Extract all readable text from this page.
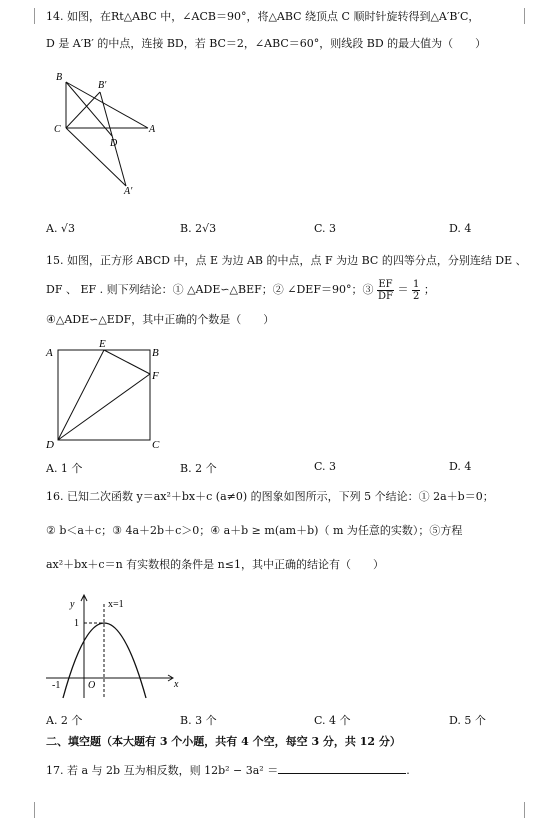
14. 如图，在Rt△ABC 中，∠ACB＝90°，将△ABC 绕顶点 C 顺时针旋转得到△A′B′C，
D 是 A′B′ 的中点，连接 BD，若 BC＝2，∠ABC＝60°，则线段 BD 的最大值为（　　）
B
B′
C
D
A
A′
A. √3	B. 2√3	C. 3	D. 4
15. 如图，正方形 ABCD 中，点 E 为边 AB 的中点，点 F 为边 BC 的四等分点，分别连结 DE 、
DF 、 EF . 则下列结论：① △ADE∽△BEF；② ∠DEF＝90°；③ $\frac{EF}{DF} = \frac{1}{2}$ ；
④△ADE∽△EDF，其中正确的个数是（　　）
A
E
B
F
D	C
A. 1 个	B. 2 个	C. 3	D. 4
16. 已知二次函数 y＝ax²＋bx＋c (a≠0) 的图象如图所示，下列 5 个结论：① 2a＋b＝0；
② b＜a＋c；③ 4a＋2b＋c＞0；④ a＋b ≥ m(am＋b)（ m 为任意的实数）；⑤方程
ax²＋bx＋c＝n 有实数根的条件是 n≤1，其中正确的结论有（　　）
y
x
x=1
1
-1	O
A. 2 个	B. 3 个	C. 4 个	D. 5 个
二、填空题（本大题有 3 个小题，共有 4 个空，每空 3 分，共 12 分）
17. 若 a 与 2b 互为相反数，则 12b² − 3a² ＝	.
